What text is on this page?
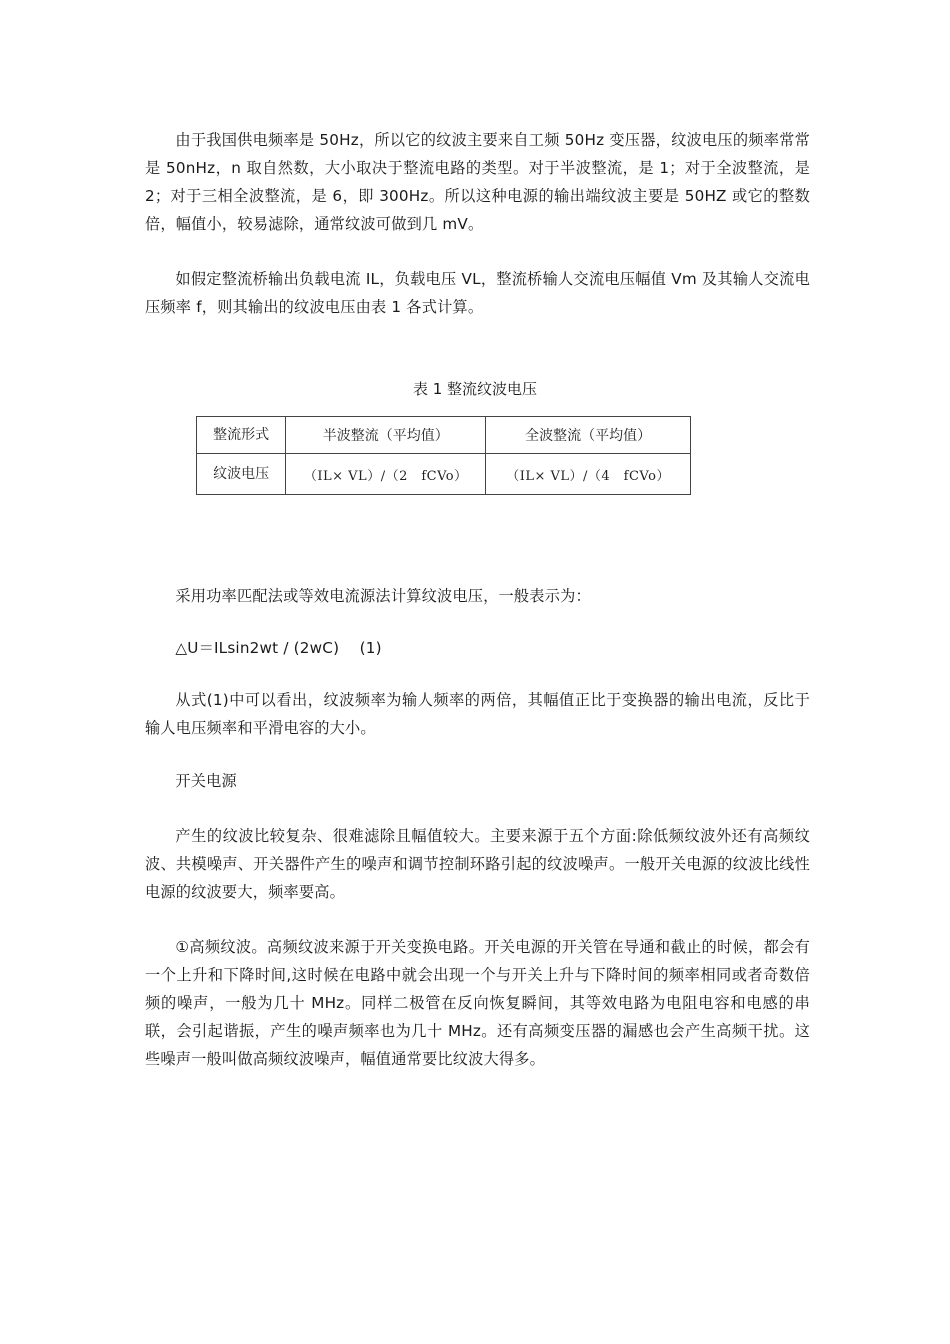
由于我国供电频率是 50Hz，所以它的纹波主要来自工频 50Hz 变压器，纹波电压的频率常常是 50nHz，n 取自然数，大小取决于整流电路的类型。对于半波整流，是 1；对于全波整流，是 2；对于三相全波整流，是 6，即 300Hz。所以这种电源的输出端纹波主要是 50HZ 或它的整数倍，幅值小，较易滤除，通常纹波可做到几 mV。

如假定整流桥输出负载电流 IL，负载电压 VL，整流桥输人交流电压幅值 Vm 及其输人交流电压频率 f，则其输出的纹波电压由表 1 各式计算。

表 1 整流纹波电压

整流形式	半波整流（平均值）	全波整流（平均值）
纹波电压	（IL× VL）/（2　fCVo）	（IL× VL）/（4　fCVo）

采用功率匹配法或等效电流源法计算纹波电压，一般表示为：

△U＝ILsin2wt / (2wC)　 (1)

从式(1)中可以看出，纹波频率为输人频率的两倍，其幅值正比于变换器的输出电流，反比于输人电压频率和平滑电容的大小。

开关电源

产生的纹波比较复杂、很难滤除且幅值较大。主要来源于五个方面:除低频纹波外还有高频纹波、共模噪声、开关器件产生的噪声和调节控制环路引起的纹波噪声。一般开关电源的纹波比线性电源的纹波要大，频率要高。

①高频纹波。高频纹波来源于开关变换电路。开关电源的开关管在导通和截止的时候，都会有一个上升和下降时间,这时候在电路中就会出现一个与开关上升与下降时间的频率相同或者奇数倍频的噪声，一般为几十 MHz。同样二极管在反向恢复瞬间，其等效电路为电阻电容和电感的串联，会引起谐振，产生的噪声频率也为几十 MHz。还有高频变压器的漏感也会产生高频干扰。这些噪声一般叫做高频纹波噪声，幅值通常要比纹波大得多。
